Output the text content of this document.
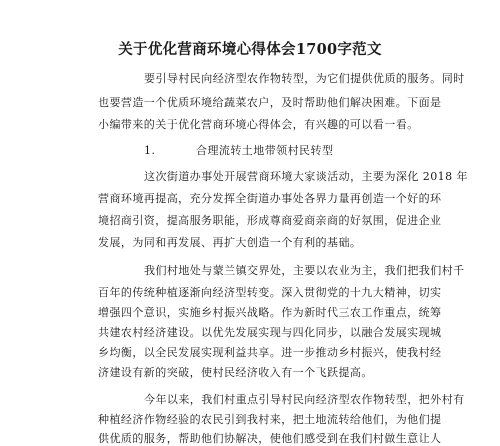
关于优化营商环境心得体会1700字范文
要引导村民向经济型农作物转型，为它们提供优质的服务。同时
也要营造一个优质环境给蔬菜农户，及时帮助他们解决困难。下面是
小编带来的关于优化营商环境心得体会，有兴趣的可以看一看。
1.	合理流转土地带领村民转型
这次街道办事处开展营商环境大家谈活动，主要为深化 2018 年
营商环境再提高，充分发挥全街道办事处各界力量再创造一个好的环
境招商引资，提高服务职能，形成尊商爱商亲商的好氛围，促进企业
发展，为同和再发展、再扩大创造一个有利的基础。
我们村地处与蒙兰镇交界处，主要以农业为主，我们把我们村千
百年的传统种植逐渐向经济型转变。深入贯彻党的十九大精神，切实
增强四个意识，实施乡村振兴战略。作为新时代三农工作重点，统筹
共建农村经济建设。以优先发展实现与四化同步，以融合发展实现城
乡均衡，以全民发展实现利益共享。进一步推动乡村振兴，使我村经
济建设有新的突破，使村民经济收入有一个飞跃提高。
今年以来，我们村重点引导村民向经济型农作物转型，把外村有
种植经济作物经验的农民引到我村来，把土地流转给他们，为他们提
供优质的服务，帮助他们协解决，使他们感受到在我们村做生意让人
